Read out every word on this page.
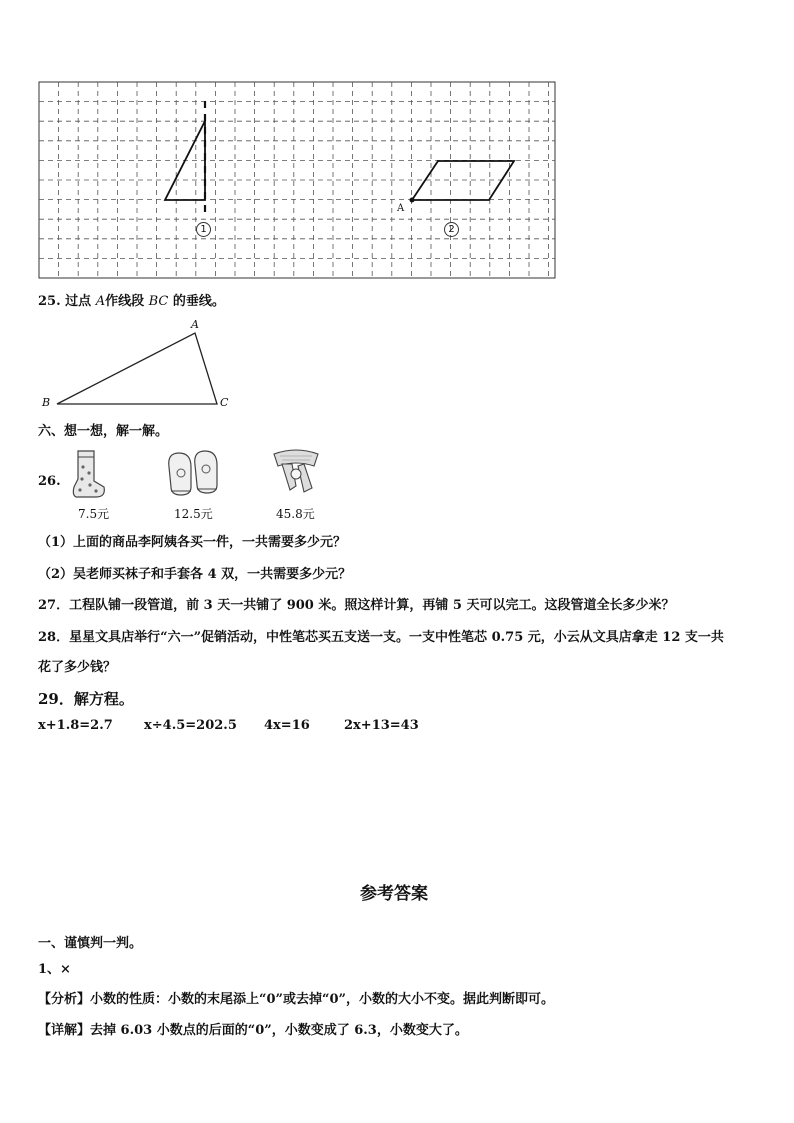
A
1	2
25. 过点 A作线段 BC 的垂线。
A
B	C
六、想一想，解一解。
26.
7.5元	12.5元	45.8元
（1）上面的商品李阿姨各买一件，一共需要多少元？
（2）吴老师买袜子和手套各 4 双，一共需要多少元？
27．工程队铺一段管道，前 3 天一共铺了 900 米。照这样计算，再铺 5 天可以完工。这段管道全长多少米？
28．星星文具店举行“六一”促销活动，中性笔芯买五支送一支。一支中性笔芯 0.75 元，小云从文具店拿走 12 支一共
花了多少钱？
29．解方程。
x+1.8=2.7 x÷4.5=202.5 4x=16	2x+13=43
参考答案
一、谨慎判一判。
1、×
【分析】小数的性质：小数的末尾添上“0”或去掉“0”，小数的大小不变。据此判断即可。
【详解】去掉 6.03 小数点的后面的“0”，小数变成了 6.3，小数变大了。
